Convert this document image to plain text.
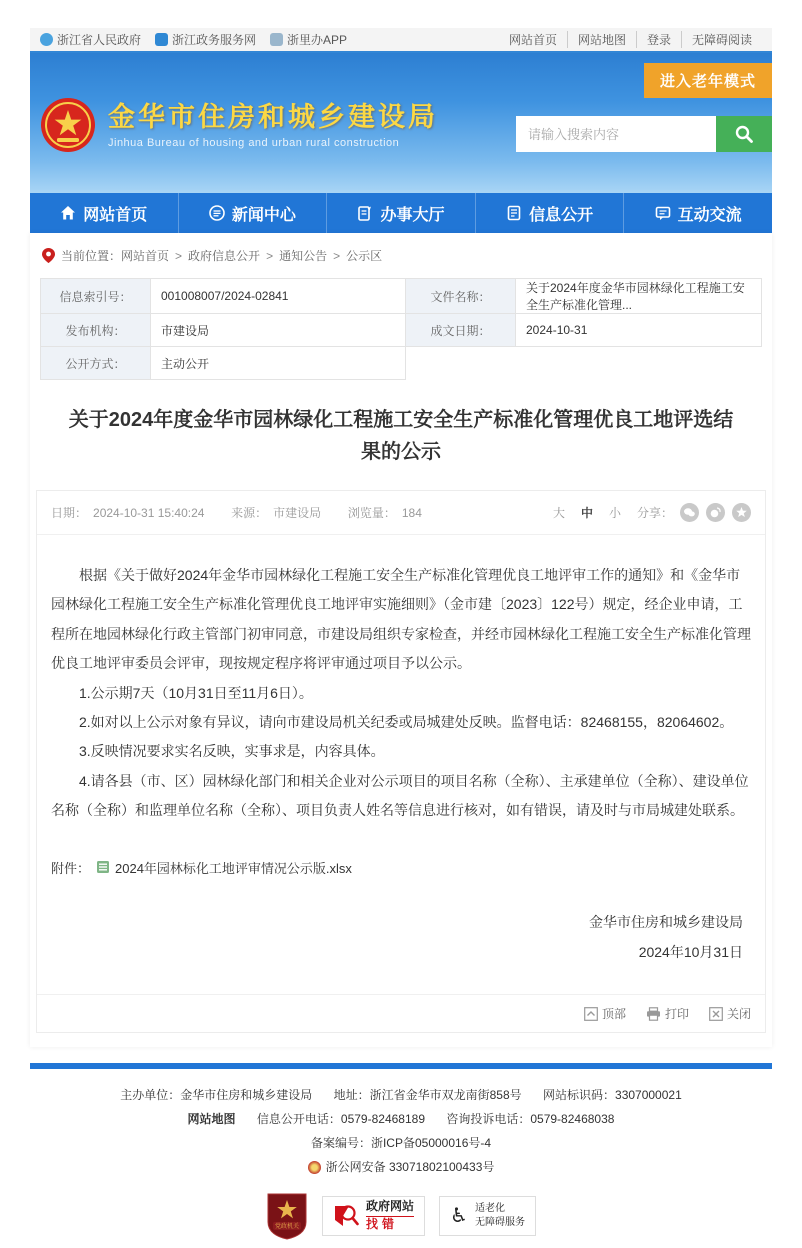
浙江省人民政府	浙江政务服务网	浙里办APP	网站首页	网站地图	登录	无障碍阅读
进入老年模式
金华市住房和城乡建设局
Jinhua Bureau of housing and urban rural construction
请输入搜索内容
网站首页	新闻中心	办事大厅	信息公开	互动交流
当前位置： 网站首页 > 政府信息公开 > 通知公告 > 公示区
信息索引号：	001008007/2024-02841	文件名称：	关于2024年度金华市园林绿化工程施工安全生产标准化管理...
发布机构：	市建设局	成文日期：	2024-10-31
公开方式：	主动公开		
关于2024年度金华市园林绿化工程施工安全生产标准化管理优良工地评选结果的公示
日期： 2024-10-31 15:40:24 来源： 市建设局 浏览量： 184	大 中 小 分享：

根据《关于做好2024年金华市园林绿化工程施工安全生产标准化管理优良工地评审工作的通知》和《金华市园林绿化工程施工安全生产标准化管理优良工地评审实施细则》（金市建〔2023〕122号）规定，经企业申请，工程所在地园林绿化行政主管部门初审同意，市建设局组织专家检查，并经市园林绿化工程施工安全生产标准化管理优良工地评审委员会评审，现按规定程序将评审通过项目予以公示。

1.公示期7天（10月31日至11月6日）。

2.如对以上公示对象有异议，请向市建设局机关纪委或局城建处反映。监督电话：82468155，82064602。

3.反映情况要求实名反映，实事求是，内容具体。

4.请各县（市、区）园林绿化部门和相关企业对公示项目的项目名称（全称）、主承建单位（全称）、建设单位名称（全称）和监理单位名称（全称）、项目负责人姓名等信息进行核对，如有错误，请及时与市局城建处联系。

附件： 2024年园林标化工地评审情况公示版.xlsx
金华市住房和城乡建设局
2024年10月31日
顶部	打印	关闭
主办单位：金华市住房和城乡建设局 地址：浙江省金华市双龙南街858号 网站标识码：3307000021
网站地图 信息公开电话：0579-82468189 咨询投诉电话：0579-82468038
备案编号：浙ICP备05000016号-4
浙公网安备 33071802100433号
党政机关
政府网站
找错	♿ 适老化
无障碍服务
